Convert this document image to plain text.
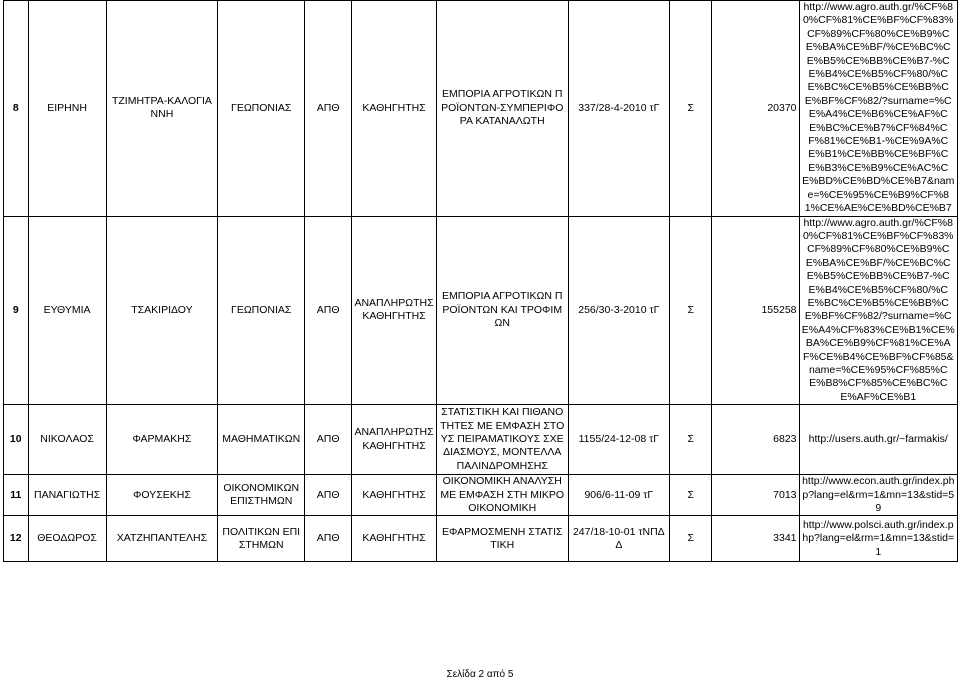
8	ΕΙΡΗΝΗ	ΤΖΙΜΗΤΡΑ-ΚΑΛΟΓΙΑΝΝΗ	ΓΕΩΠΟΝΙΑΣ	ΑΠΘ	ΚΑΘΗΓΗΤΗΣ	ΕΜΠΟΡΙΑ ΑΓΡΟΤΙΚΩΝ ΠΡΟΪΟΝΤΩΝ-ΣΥΜΠΕΡΙΦΟΡΑ ΚΑΤΑΝΑΛΩΤΗ	337/28-4-2010 τΓ	Σ	20370	http://www.agro.auth.gr/%CF%80%CF%81%CE%BF%CF%83%CF%89%CF%80%CE%B9%CE%BA%CE%BF/%CE%BC%CE%B5%CE%BB%CE%B7-%CE%B4%CE%B5%CF%80/%CE%BC%CE%B5%CE%BB%CE%BF%CF%82/?surname=%CE%A4%CE%B6%CE%AF%CE%BC%CE%B7%CF%84%CF%81%CE%B1-%CE%9A%CE%B1%CE%BB%CE%BF%CE%B3%CE%B9%CE%AC%CE%BD%CE%BD%CE%B7&name=%CE%95%CE%B9%CF%81%CE%AE%CE%BD%CE%B7
9	ΕΥΘΥΜΙΑ	ΤΣΑΚΙΡΙΔΟΥ	ΓΕΩΠΟΝΙΑΣ	ΑΠΘ	ΑΝΑΠΛΗΡΩΤΗΣ ΚΑΘΗΓΗΤΗΣ	ΕΜΠΟΡΙΑ ΑΓΡΟΤΙΚΩΝ ΠΡΟΪΟΝΤΩΝ ΚΑΙ ΤΡΟΦΙΜΩΝ	256/30-3-2010 τΓ	Σ	155258	http://www.agro.auth.gr/%CF%80%CF%81%CE%BF%CF%83%CF%89%CF%80%CE%B9%CE%BA%CE%BF/%CE%BC%CE%B5%CE%BB%CE%B7-%CE%B4%CE%B5%CF%80/%CE%BC%CE%B5%CE%BB%CE%BF%CF%82/?surname=%CE%A4%CF%83%CE%B1%CE%BA%CE%B9%CF%81%CE%AF%CE%B4%CE%BF%CF%85&name=%CE%95%CF%85%CE%B8%CF%85%CE%BC%CE%AF%CE%B1
10	ΝΙΚΟΛΑΟΣ	ΦΑΡΜΑΚΗΣ	ΜΑΘΗΜΑΤΙΚΩΝ	ΑΠΘ	ΑΝΑΠΛΗΡΩΤΗΣ ΚΑΘΗΓΗΤΗΣ	ΣΤΑΤΙΣΤΙΚΗ ΚΑΙ ΠΙΘΑΝΟΤΗΤΕΣ ΜΕ ΕΜΦΑΣΗ ΣΤΟΥΣ ΠΕΙΡΑΜΑΤΙΚΟΥΣ ΣΧΕΔΙΑΣΜΟΥΣ, ΜΟΝΤΕΛΛΑ ΠΑΛΙΝΔΡΟΜΗΣΗΣ	1155/24-12-08 τΓ	Σ	6823	http://users.auth.gr/~farmakis/
11	ΠΑΝΑΓΙΩΤΗΣ	ΦΟΥΣΕΚΗΣ	ΟΙΚΟΝΟΜΙΚΩΝ ΕΠΙΣΤΗΜΩΝ	ΑΠΘ	ΚΑΘΗΓΗΤΗΣ	ΟΙΚΟΝΟΜΙΚΗ ΑΝΑΛΥΣΗ ΜΕ ΕΜΦΑΣΗ ΣΤΗ ΜΙΚΡΟΟΙΚΟΝΟΜΙΚΗ	906/6-11-09 τΓ	Σ	7013	http://www.econ.auth.gr/index.php?lang=el&rm=1&mn=13&stid=59
12	ΘΕΟΔΩΡΟΣ	ΧΑΤΖΗΠΑΝΤΕΛΗΣ	ΠΟΛΙΤΙΚΩΝ ΕΠΙΣΤΗΜΩΝ	ΑΠΘ	ΚΑΘΗΓΗΤΗΣ	ΕΦΑΡΜΟΣΜΕΝΗ ΣΤΑΤΙΣΤΙΚΗ	247/18-10-01 τΝΠΔΔ	Σ	3341	http://www.polsci.auth.gr/index.php?lang=el&rm=1&mn=13&stid=1
Σελίδα 2 από 5
